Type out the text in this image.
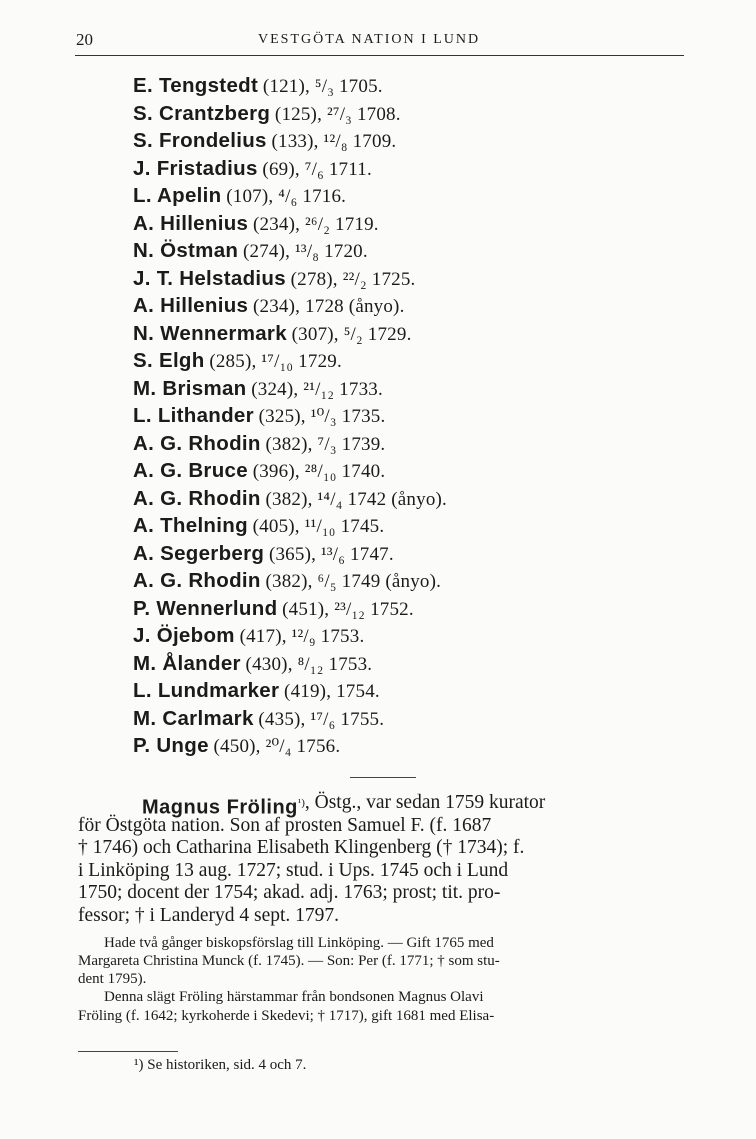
20	VESTGÖTA NATION I LUND
E. Tengstedt (121), ⁵/₃ 1705.
S. Crantzberg (125), ²⁷/₃ 1708.
S. Frondelius (133), ¹²/₈ 1709.
J. Fristadius (69), ⁷/₆ 1711.
L. Apelin (107), ⁴/₆ 1716.
A. Hillenius (234), ²⁶/₂ 1719.
N. Östman (274), ¹³/₈ 1720.
J. T. Helstadius (278), ²²/₂ 1725.
A. Hillenius (234), 1728 (ånyo).
N. Wennermark (307), ⁵/₂ 1729.
S. Elgh (285), ¹⁷/₁₀ 1729.
M. Brisman (324), ²¹/₁₂ 1733.
L. Lithander (325), ¹⁰/₃ 1735.
A. G. Rhodin (382), ⁷/₃ 1739.
A. G. Bruce (396), ²⁸/₁₀ 1740.
A. G. Rhodin (382), ¹⁴/₄ 1742 (ånyo).
A. Thelning (405), ¹¹/₁₀ 1745.
A. Segerberg (365), ¹³/₆ 1747.
A. G. Rhodin (382), ⁶/₅ 1749 (ånyo).
P. Wennerlund (451), ²³/₁₂ 1752.
J. Öjebom (417), ¹²/₉ 1753.
M. Ålander (430), ⁸/₁₂ 1753.
L. Lundmarker (419), 1754.
M. Carlmark (435), ¹⁷/₆ 1755.
P. Unge (450), ²⁰/₄ 1756.
Magnus Fröling$^{^1)}$ , Östg., var sedan 1759 kurator
för Östgöta nation. Son af prosten Samuel F. (f. 1687
† 1746) och Catharina Elisabeth Klingenberg († 1734); f.
i Linköping 13 aug. 1727; stud. i Ups. 1745 och i Lund
1750; docent der 1754; akad. adj. 1763; prost; tit. pro-
fessor; † i Landeryd 4 sept. 1797.
Hade två gånger biskopsförslag till Linköping. — Gift 1765 med
Margareta Christina Munck (f. 1745). — Son: Per (f. 1771; † som stu-
dent 1795).
Denna slägt Fröling härstammar från bondsonen Magnus Olavi
Fröling (f. 1642; kyrkoherde i Skedevi; † 1717), gift 1681 med Elisa-
¹) Se historiken, sid. 4 och 7.
